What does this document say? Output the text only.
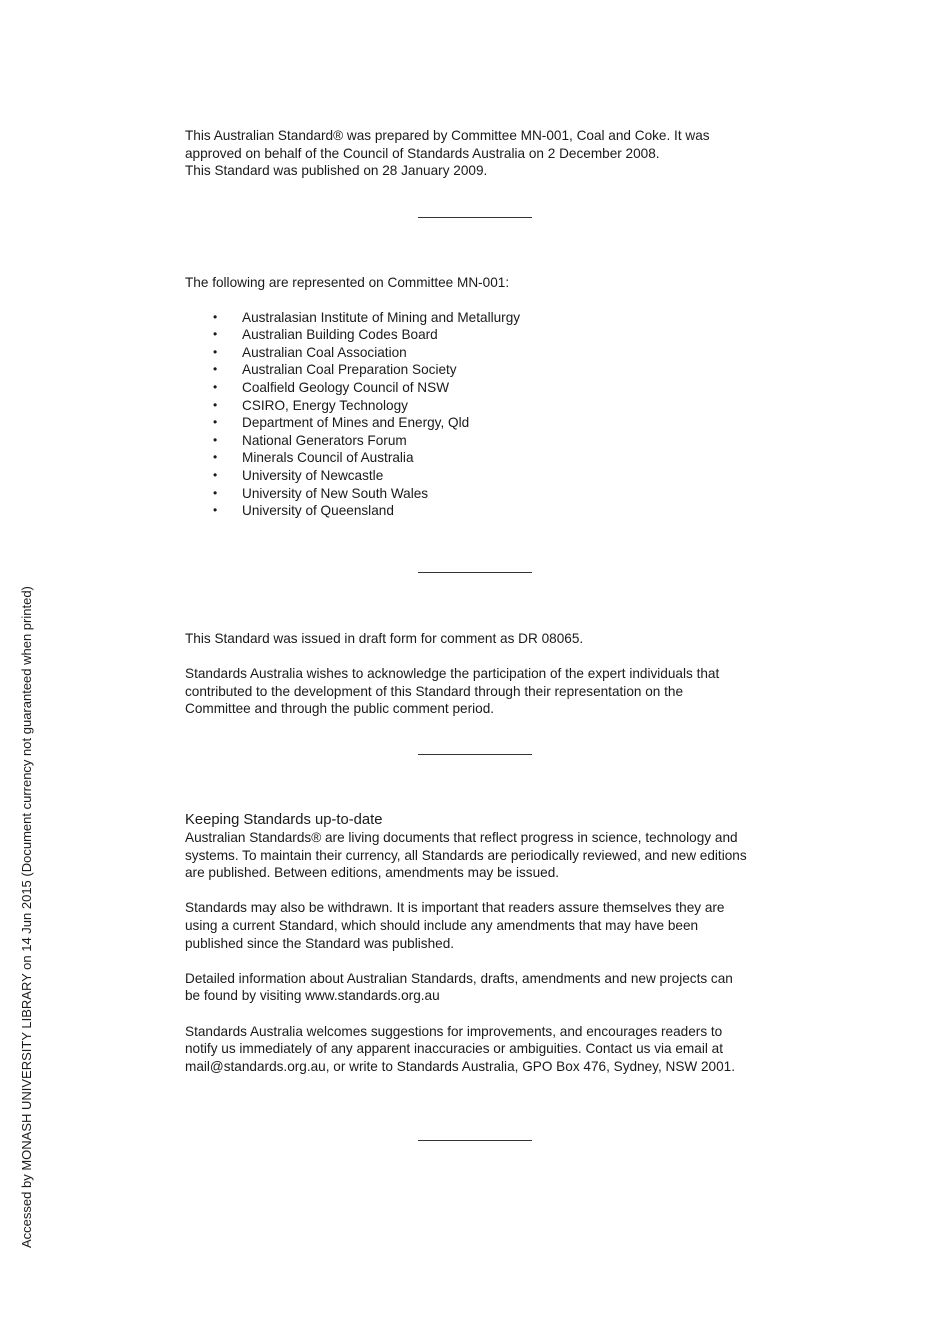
This Australian Standard® was prepared by Committee MN-001, Coal and Coke. It was

approved on behalf of the Council of Standards Australia on 2 December 2008.

This Standard was published on 28 January 2009.

The following are represented on Committee MN-001:

• Australasian Institute of Mining and Metallurgy
• Australian Building Codes Board
• Australian Coal Association
• Australian Coal Preparation Society
• Coalfield Geology Council of NSW
• CSIRO, Energy Technology
• Department of Mines and Energy, Qld
• National Generators Forum
• Minerals Council of Australia
• University of Newcastle
• University of New South Wales
• University of Queensland

This Standard was issued in draft form for comment as DR 08065.

Standards Australia wishes to acknowledge the participation of the expert individuals that

contributed to the development of this Standard through their representation on the

Committee and through the public comment period.

Keeping Standards up-to-date

Australian Standards® are living documents that reflect progress in science, technology and

systems. To maintain their currency, all Standards are periodically reviewed, and new editions

are published. Between editions, amendments may be issued.

Standards may also be withdrawn. It is important that readers assure themselves they are

using a current Standard, which should include any amendments that may have been

published since the Standard was published.

Detailed information about Australian Standards, drafts, amendments and new projects can

be found by visiting www.standards.org.au

Standards Australia welcomes suggestions for improvements, and encourages readers to

notify us immediately of any apparent inaccuracies or ambiguities. Contact us via email at

mail@standards.org.au, or write to Standards Australia, GPO Box 476, Sydney, NSW 2001.

Accessed by MONASH UNIVERSITY LIBRARY on 14 Jun 2015 (Document currency not guaranteed when printed)
